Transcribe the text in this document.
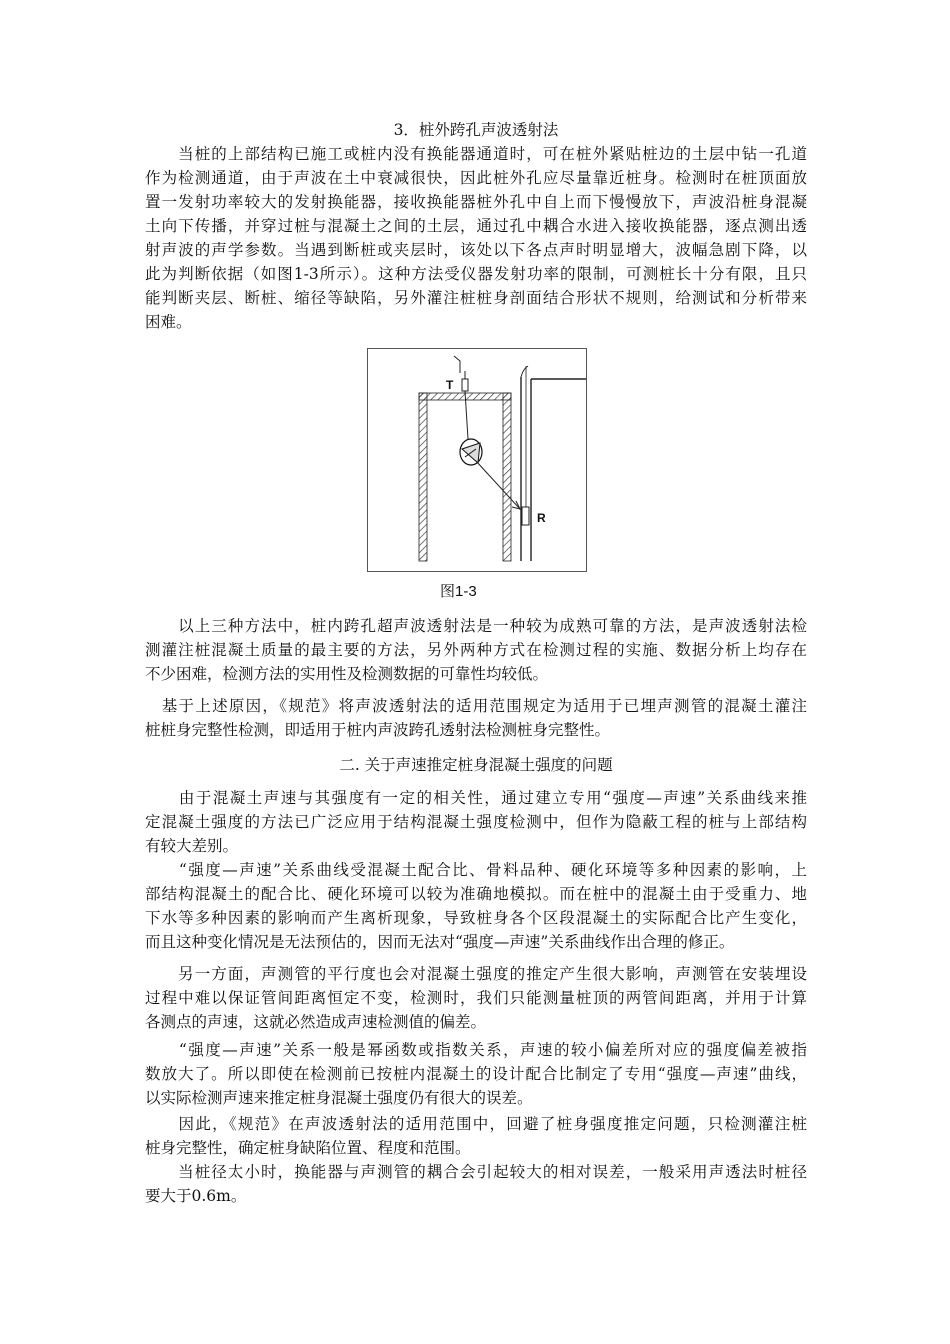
3．桩外跨孔声波透射法
　　当桩的上部结构已施工或桩内没有换能器通道时，可在桩外紧贴桩边的土层中钻一孔道
作为检测通道，由于声波在土中衰减很快，因此桩外孔应尽量靠近桩身。检测时在桩顶面放
置一发射功率较大的发射换能器，接收换能器桩外孔中自上而下慢慢放下，声波沿桩身混凝
土向下传播，并穿过桩与混凝土之间的土层，通过孔中耦合水进入接收换能器，逐点测出透
射声波的声学参数。当遇到断桩或夹层时，该处以下各点声时明显增大，波幅急剧下降，以
此为判断依据（如图1-3所示）。这种方法受仪器发射功率的限制，可测桩长十分有限，且只
能判断夹层、断桩、缩径等缺陷，另外灌注桩桩身剖面结合形状不规则，给测试和分析带来
困难。
T
R
图1-3
　　以上三种方法中，桩内跨孔超声波透射法是一种较为成熟可靠的方法，是声波透射法检
测灌注桩混凝土质量的最主要的方法，另外两种方式在检测过程的实施、数据分析上均存在
不少困难，检测方法的实用性及检测数据的可靠性均较低。
　基于上述原因，《规范》将声波透射法的适用范围规定为适用于已埋声测管的混凝土灌注
桩桩身完整性检测，即适用于桩内声波跨孔透射法检测桩身完整性。
二. 关于声速推定桩身混凝土强度的问题
　　由于混凝土声速与其强度有一定的相关性，通过建立专用“强度—声速”关系曲线来推
定混凝土强度的方法已广泛应用于结构混凝土强度检测中，但作为隐蔽工程的桩与上部结构
有较大差别。
　　“强度—声速”关系曲线受混凝土配合比、骨料品种、硬化环境等多种因素的影响，上
部结构混凝土的配合比、硬化环境可以较为准确地模拟。而在桩中的混凝土由于受重力、地
下水等多种因素的影响而产生离析现象，导致桩身各个区段混凝土的实际配合比产生变化，
而且这种变化情况是无法预估的，因而无法对“强度—声速”关系曲线作出合理的修正。
　　另一方面，声测管的平行度也会对混凝土强度的推定产生很大影响，声测管在安装埋设
过程中难以保证管间距离恒定不变，检测时，我们只能测量桩顶的两管间距离，并用于计算
各测点的声速，这就必然造成声速检测值的偏差。
　　“强度—声速”关系一般是幂函数或指数关系，声速的较小偏差所对应的强度偏差被指
数放大了。所以即使在检测前已按桩内混凝土的设计配合比制定了专用“强度—声速”曲线，
以实际检测声速来推定桩身混凝土强度仍有很大的误差。
　　因此，《规范》在声波透射法的适用范围中，回避了桩身强度推定问题，只检测灌注桩
桩身完整性，确定桩身缺陷位置、程度和范围。
　　当桩径太小时，换能器与声测管的耦合会引起较大的相对误差，一般采用声透法时桩径
要大于0.6m。
